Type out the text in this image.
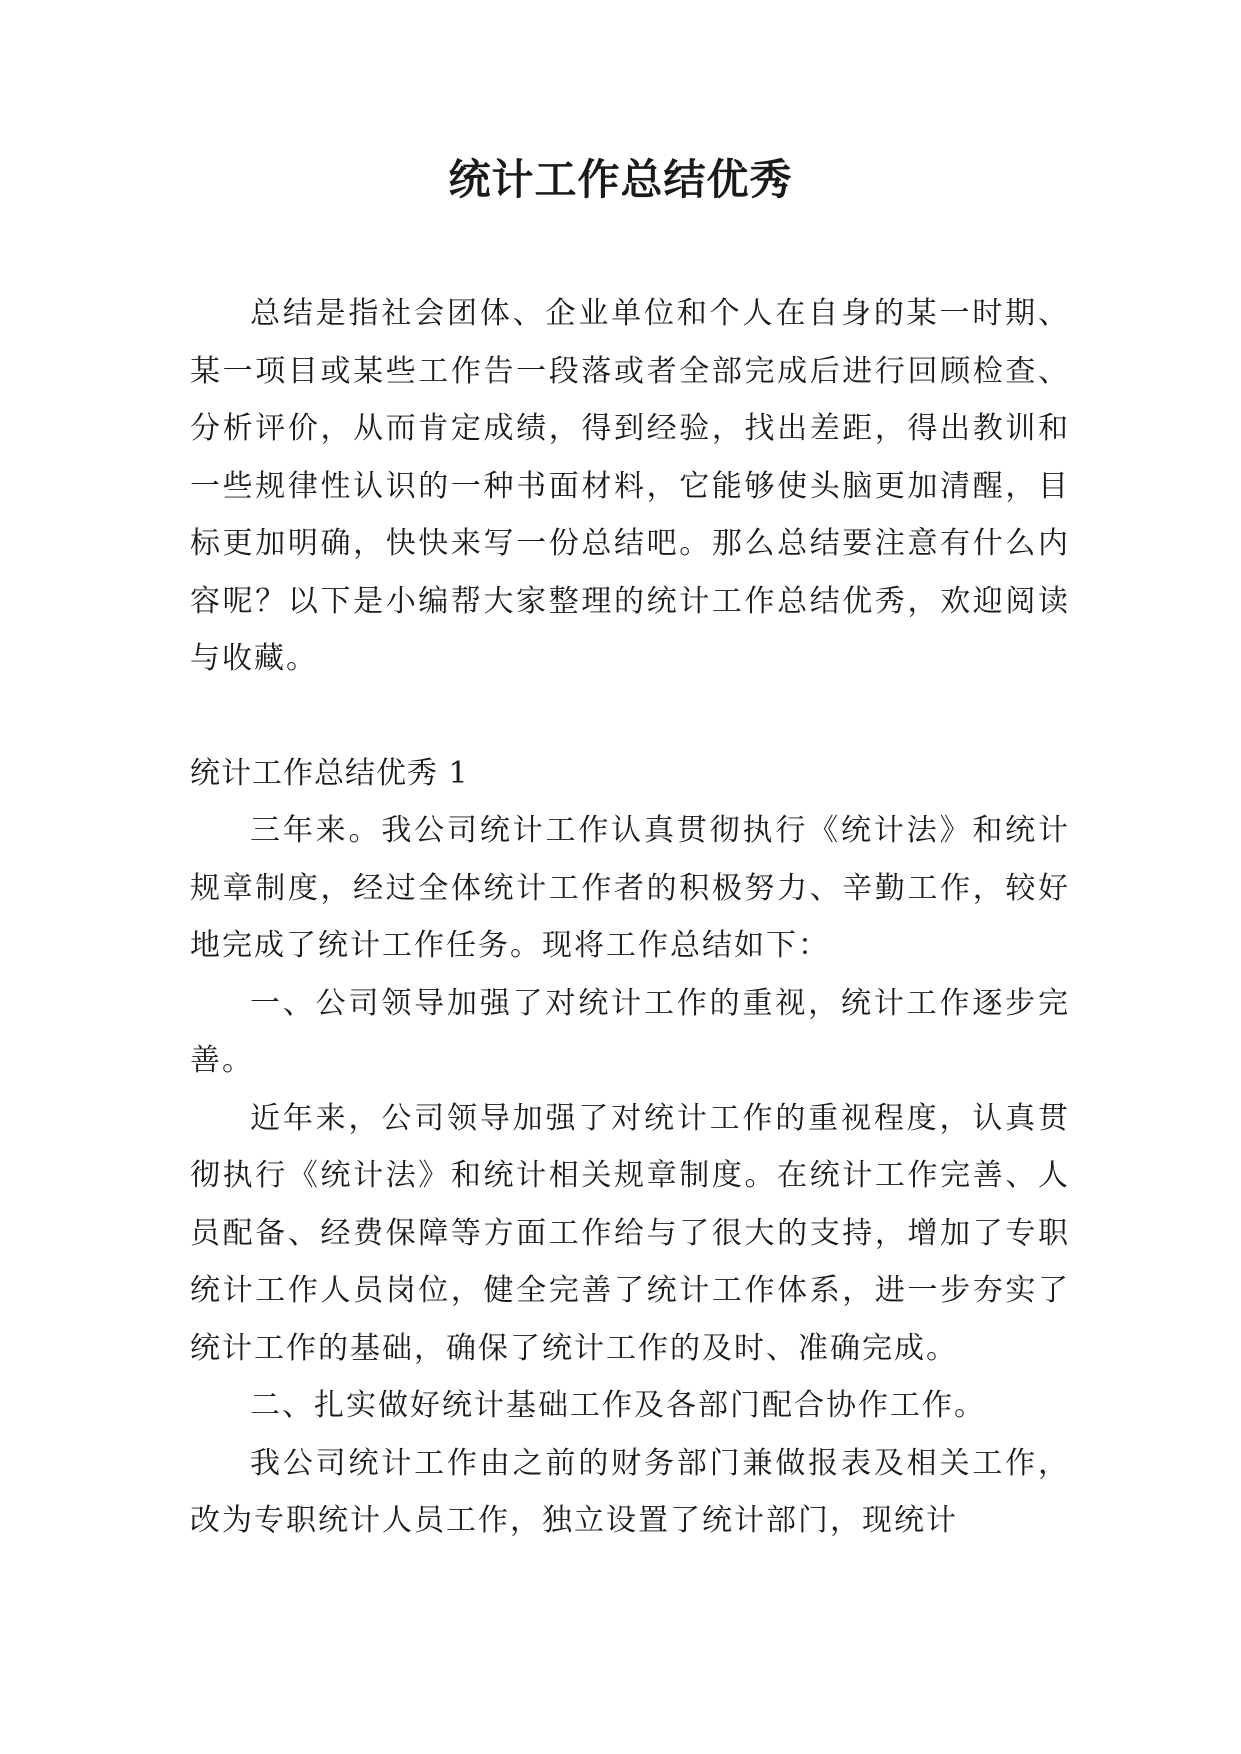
统计工作总结优秀

总结是指社会团体、企业单位和个人在自身的某一时期、某一项目或某些工作告一段落或者全部完成后进行回顾检查、分析评价，从而肯定成绩，得到经验，找出差距，得出教训和一些规律性认识的一种书面材料，它能够使头脑更加清醒，目标更加明确，快快来写一份总结吧。那么总结要注意有什么内容呢？以下是小编帮大家整理的统计工作总结优秀，欢迎阅读与收藏。

统计工作总结优秀 1

三年来。我公司统计工作认真贯彻执行《统计法》和统计规章制度，经过全体统计工作者的积极努力、辛勤工作，较好地完成了统计工作任务。现将工作总结如下：

一、公司领导加强了对统计工作的重视，统计工作逐步完善。

近年来，公司领导加强了对统计工作的重视程度，认真贯彻执行《统计法》和统计相关规章制度。在统计工作完善、人员配备、经费保障等方面工作给与了很大的支持，增加了专职统计工作人员岗位，健全完善了统计工作体系，进一步夯实了统计工作的基础，确保了统计工作的及时、准确完成。

二、扎实做好统计基础工作及各部门配合协作工作。

我公司统计工作由之前的财务部门兼做报表及相关工作，改为专职统计人员工作，独立设置了统计部门，现统计
